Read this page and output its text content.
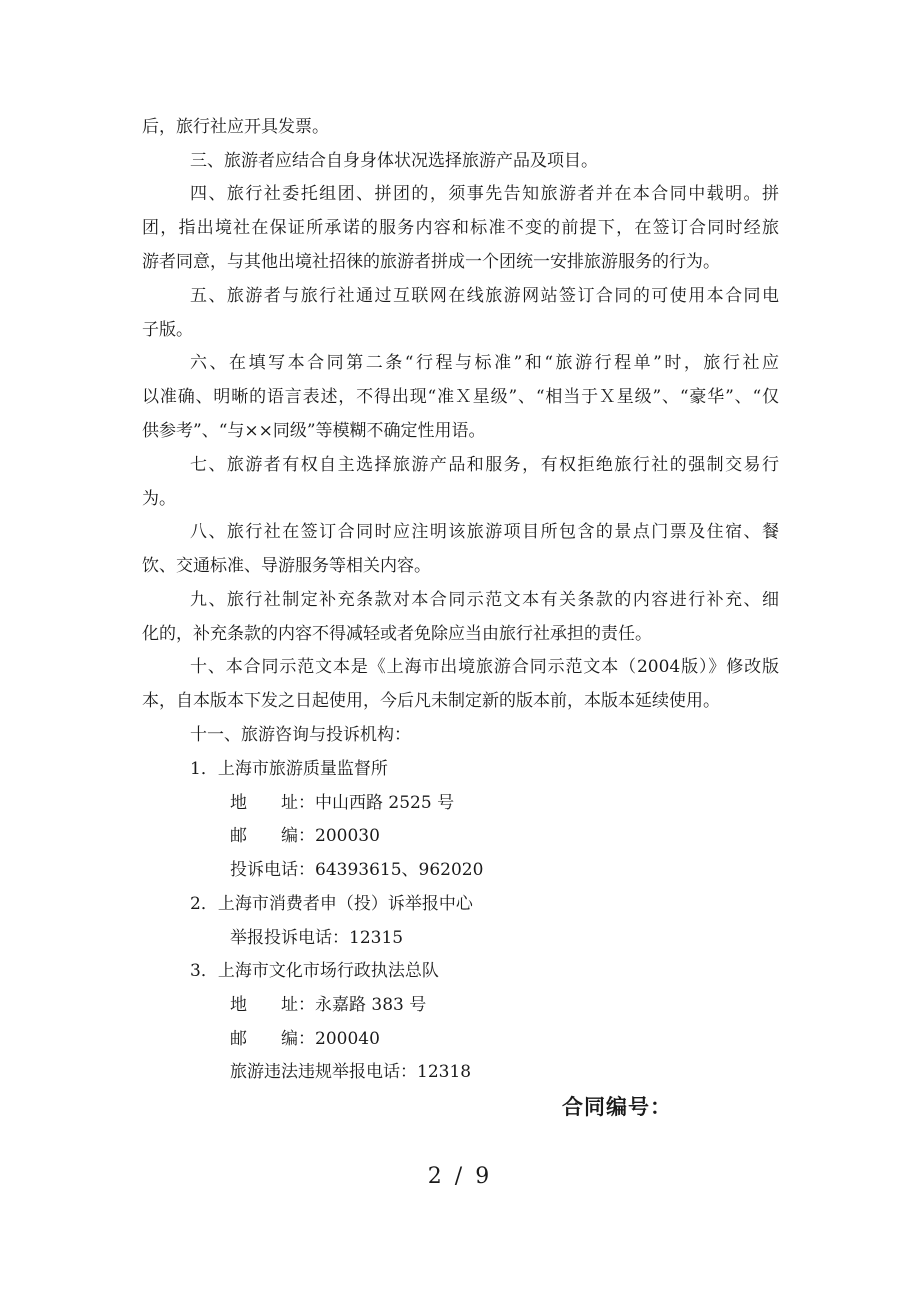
后，旅行社应开具发票。
三、旅游者应结合自身身体状况选择旅游产品及项目。
四、旅行社委托组团、拼团的，须事先告知旅游者并在本合同中载明。拼
团，指出境社在保证所承诺的服务内容和标准不变的前提下，在签订合同时经旅
游者同意，与其他出境社招徕的旅游者拼成一个团统一安排旅游服务的行为。
五、旅游者与旅行社通过互联网在线旅游网站签订合同的可使用本合同电
子版。
六、在填写本合同第二条“行程与标准”和“旅游行程单”时，旅行社应
以准确、明晰的语言表述，不得出现“准Ｘ星级”、“相当于Ｘ星级”、“豪华”、“仅
供参考”、“与××同级”等模糊不确定性用语。
七、旅游者有权自主选择旅游产品和服务，有权拒绝旅行社的强制交易行
为。
八、旅行社在签订合同时应注明该旅游项目所包含的景点门票及住宿、餐
饮、交通标准、导游服务等相关内容。
九、旅行社制定补充条款对本合同示范文本有关条款的内容进行补充、细
化的，补充条款的内容不得减轻或者免除应当由旅行社承担的责任。
十、本合同示范文本是《上海市出境旅游合同示范文本（2004版）》修改版
本，自本版本下发之日起使用，今后凡未制定新的版本前，本版本延续使用。
十一、旅游咨询与投诉机构：
1．上海市旅游质量监督所
地　　址：中山西路 2525 号
邮　　编：200030
投诉电话：64393615、962020
2．上海市消费者申（投）诉举报中心
举报投诉电话：12315
3．上海市文化市场行政执法总队
地　　址：永嘉路 383 号
邮　　编：200040
旅游违法违规举报电话：12318
合同编号：
2 / 9
